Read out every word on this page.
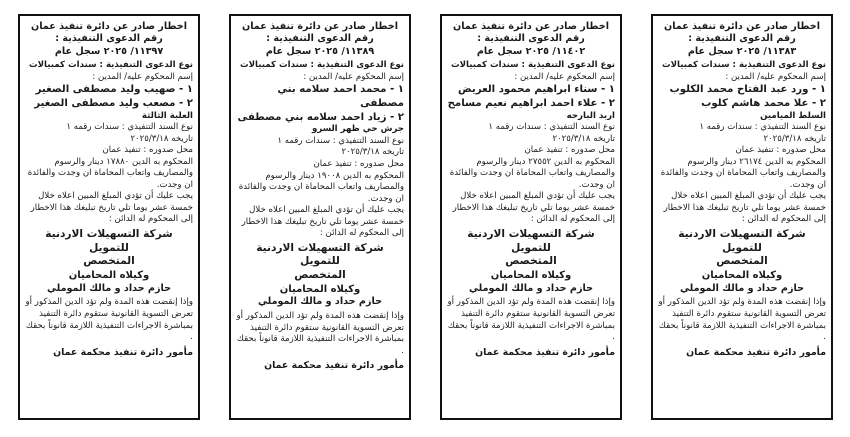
اخطار صادر عن دائرة تنفيذ عمان
رقم الدعوى التنفيذية :
١١٣٨٣/ ٢٠٢٥ سجل عام
نوع الدعوى التنفيذية : سندات كمبيالات
إسم المحكوم عليه/ المدين :
١ - ورد عبد الفتاح محمد الكلوب
٢ - علا محمد هاشم كلوب
السلط الميامين
نوع السند التنفيذي : سندات رقمه ١
تاريخه ٢٠٢٥/٣/١٨
محل صدوره : تنفيذ عمان
المحكوم به الدين ٢٦١٧٤ دينار والرسوم والمصاريف واتعاب المحاماة ان وجدت والفائدة ان وجدت.
يجب عليك أن تؤدي المبلغ المبين اعلاه خلال خمسة عشر يوما تلي تاريخ تبليغك هذا الاخطار إلى المحكوم له الدائن :
شركة التسهيلات الاردنية للتمويل
المتخصص
وكيلاه المحاميان
حازم حداد و مالك الموملي
وإذا إنقضت هذه المدة ولم تؤد الدين المذكور أو تعرض التسوية القانونية ستقوم دائرة التنفيذ بمباشرة الاجراءات التنفيذية اللازمة قانوناً بحقك .
مأمور دائرة تنفيذ محكمة عمان
اخطار صادر عن دائرة تنفيذ عمان
رقم الدعوى التنفيذية :
١١٤٠٢/ ٢٠٢٥ سجل عام
نوع الدعوى التنفيذية : سندات كمبيالات
إسم المحكوم عليه/ المدين :
١ - سناء ابراهيم محمود العريض
٢ - علاء احمد ابراهيم نعيم مسامح
اربد البارحه
نوع السند التنفيذي : سندات رقمه ١
تاريخه ٢٠٢٥/٣/١٨
محل صدوره : تنفيذ عمان
المحكوم به الدين ٢٧٥٥٢ دينار والرسوم والمصاريف واتعاب المحاماة ان وجدت والفائدة ان وجدت.
يجب عليك أن تؤدي المبلغ المبين اعلاه خلال خمسة عشر يوما تلي تاريخ تبليغك هذا الاخطار إلى المحكوم له الدائن :
شركة التسهيلات الاردنية للتمويل
المتخصص
وكيلاه المحاميان
حازم حداد و مالك الموملي
وإذا إنقضت هذه المدة ولم تؤد الدين المذكور أو تعرض التسوية القانونية ستقوم دائرة التنفيذ بمباشرة الاجراءات التنفيذية اللازمة قانوناً بحقك .
مأمور دائرة تنفيذ محكمة عمان
اخطار صادر عن دائرة تنفيذ عمان
رقم الدعوى التنفيذية :
١١٣٨٩/ ٢٠٢٥ سجل عام
نوع الدعوى التنفيذية : سندات كمبيالات
إسم المحكوم عليه/ المدين :
١ - محمد احمد سلامه بني مصطفى
٢ - زياد احمد سلامه بني مصطفى
جرش حي ظهر السرو
نوع السند التنفيذي : سندات رقمه ١
تاريخه ٢٠٢٥/٣/١٨
محل صدوره : تنفيذ عمان
المحكوم به الدين ١٩٠٠٨ دينار والرسوم والمصاريف واتعاب المحاماة ان وجدت والفائدة ان وجدت.
يجب عليك أن تؤدي المبلغ المبين اعلاه خلال خمسة عشر يوما تلي تاريخ تبليغك هذا الاخطار إلى المحكوم له الدائن :
شركة التسهيلات الاردنية للتمويل
المتخصص
وكيلاه المحاميان
حازم حداد و مالك الموملي
وإذا إنقضت هذه المدة ولم تؤد الدين المذكور أو تعرض التسوية القانونية ستقوم دائرة التنفيذ بمباشرة الاجراءات التنفيذية اللازمة قانوناً بحقك .
مأمور دائرة تنفيذ محكمة عمان
اخطار صادر عن دائرة تنفيذ عمان
رقم الدعوى التنفيذية :
١١٣٩٧/ ٢٠٢٥ سجل عام
نوع الدعوى التنفيذية : سندات كمبيالات
إسم المحكوم عليه/ المدين :
١ - صهيب وليد مصطفى الصغير
٢ - مصعب وليد مصطفى الصغير
العلبة الثالثة
نوع السند التنفيذي : سندات رقمه ١
تاريخه ٢٠٢٥/٣/١٨
محل صدوره : تنفيذ عمان
المحكوم به الدين ١٧٨٨٠ دينار والرسوم والمصاريف واتعاب المحاماة ان وجدت والفائدة ان وجدت.
يجب عليك أن تؤدي المبلغ المبين اعلاه خلال خمسة عشر يوما تلي تاريخ تبليغك هذا الاخطار إلى المحكوم له الدائن :
شركة التسهيلات الاردنية للتمويل
المتخصص
وكيلاه المحاميان
حازم حداد و مالك الموملي
وإذا إنقضت هذه المدة ولم تؤد الدين المذكور أو تعرض التسوية القانونية ستقوم دائرة التنفيذ بمباشرة الاجراءات التنفيذية اللازمة قانوناً بحقك .
مأمور دائرة تنفيذ محكمة عمان
